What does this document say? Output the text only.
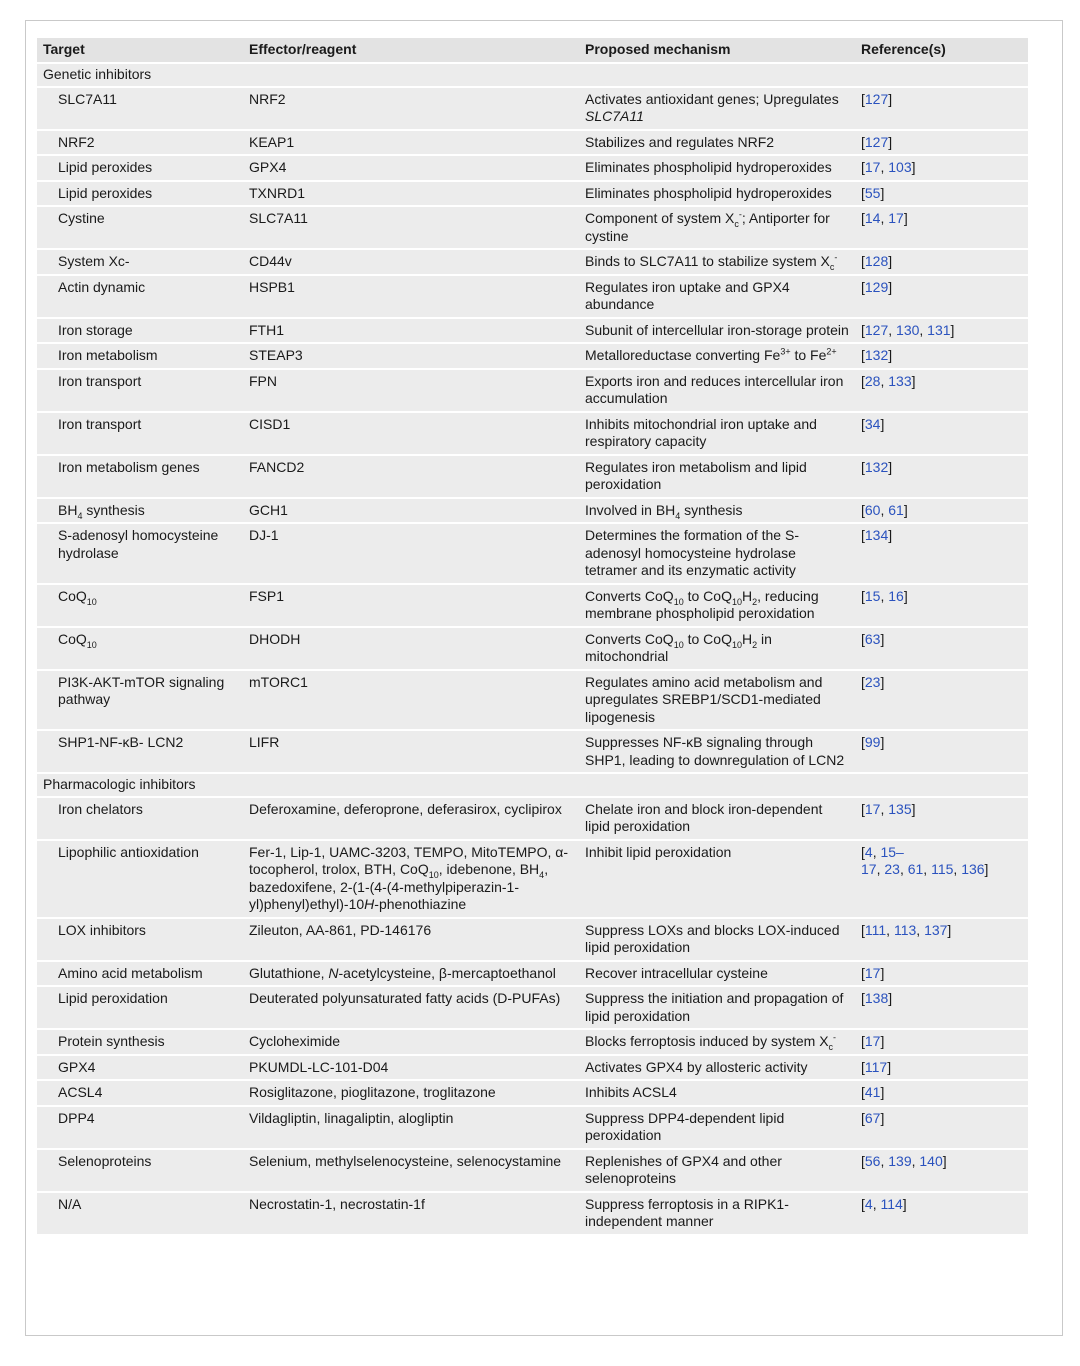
Target	Effector/reagent	Proposed mechanism	Reference(s)
Genetic inhibitors			
SLC7A11	NRF2	Activates antioxidant genes; Upregulates SLC7A11	[127]
NRF2	KEAP1	Stabilizes and regulates NRF2	[127]
Lipid peroxides	GPX4	Eliminates phospholipid hydroperoxides	[17, 103]
Lipid peroxides	TXNRD1	Eliminates phospholipid hydroperoxides	[55]
Cystine	SLC7A11	Component of system $X_c^-$; Antiporter for cystine	[14, 17]
System Xc-	CD44v	Binds to SLC7A11 to stabilize system $X_c^-$	[128]
Actin dynamic	HSPB1	Regulates iron uptake and GPX4 abundance	[129]
Iron storage	FTH1	Subunit of intercellular iron-storage protein	[127, 130, 131]
Iron metabolism	STEAP3	Metalloreductase converting $Fe^{3+}$ to $Fe^{2+}$	[132]
Iron transport	FPN	Exports iron and reduces intercellular iron accumulation	[28, 133]
Iron transport	CISD1	Inhibits mitochondrial iron uptake and respiratory capacity	[34]
Iron metabolism genes	FANCD2	Regulates iron metabolism and lipid peroxidation	[132]
$BH_4$ synthesis	GCH1	Involved in $BH_4$ synthesis	[60, 61]
S-adenosyl homocysteine hydrolase	DJ-1	Determines the formation of the S-adenosyl homocysteine hydrolase tetramer and its enzymatic activity	[134]
CoQ$_{10}$	FSP1	Converts CoQ$_{10}$ to $CoQ_{10}H_2$, reducing membrane phospholipid peroxidation	[15, 16]
CoQ$_{10}$	DHODH	Converts CoQ$_{10}$ to $CoQ_{10}H_2$ in mitochondrial	[63]
PI3K-AKT-mTOR signaling pathway	mTORC1	Regulates amino acid metabolism and upregulates SREBP1/SCD1-mediated lipogenesis	[23]
SHP1-NF-κB- LCN2	LIFR	Suppresses NF-κB signaling through SHP1, leading to downregulation of LCN2	[99]
Pharmacologic inhibitors			
Iron chelators	Deferoxamine, deferoprone, deferasirox, cyclipirox	Chelate iron and block iron-dependent lipid peroxidation	[17, 135]
Lipophilic antioxidation	Fer-1, Lip-1, UAMC-3203, TEMPO, MitoTEMPO, α-tocopherol, trolox, BTH, CoQ$_{10}$, idebenone, $BH_4$, bazedoxifene, 2-(1-(4-(4-methylpiperazin-1-yl)phenyl)ethyl)-10H-phenothiazine	Inhibit lipid peroxidation	[4, 15–
17, 23, 61, 115, 136]
LOX inhibitors	Zileuton, AA-861, PD-146176	Suppress LOXs and blocks LOX-induced lipid peroxidation	[111, 113, 137]
Amino acid metabolism	Glutathione, N-acetylcysteine, β-mercaptoethanol	Recover intracellular cysteine	[17]
Lipid peroxidation	Deuterated polyunsaturated fatty acids (D-PUFAs)	Suppress the initiation and propagation of lipid peroxidation	[138]
Protein synthesis	Cycloheximide	Blocks ferroptosis induced by system $X_c^-$	[17]
GPX4	PKUMDL-LC-101-D04	Activates GPX4 by allosteric activity	[117]
ACSL4	Rosiglitazone, pioglitazone, troglitazone	Inhibits ACSL4	[41]
DPP4	Vildagliptin, linagaliptin, alogliptin	Suppress DPP4-dependent lipid peroxidation	[67]
Selenoproteins	Selenium, methylselenocysteine, selenocystamine	Replenishes of GPX4 and other selenoproteins	[56, 139, 140]
N/A	Necrostatin-1, necrostatin-1f	Suppress ferroptosis in a RIPK1-independent manner	[4, 114]
